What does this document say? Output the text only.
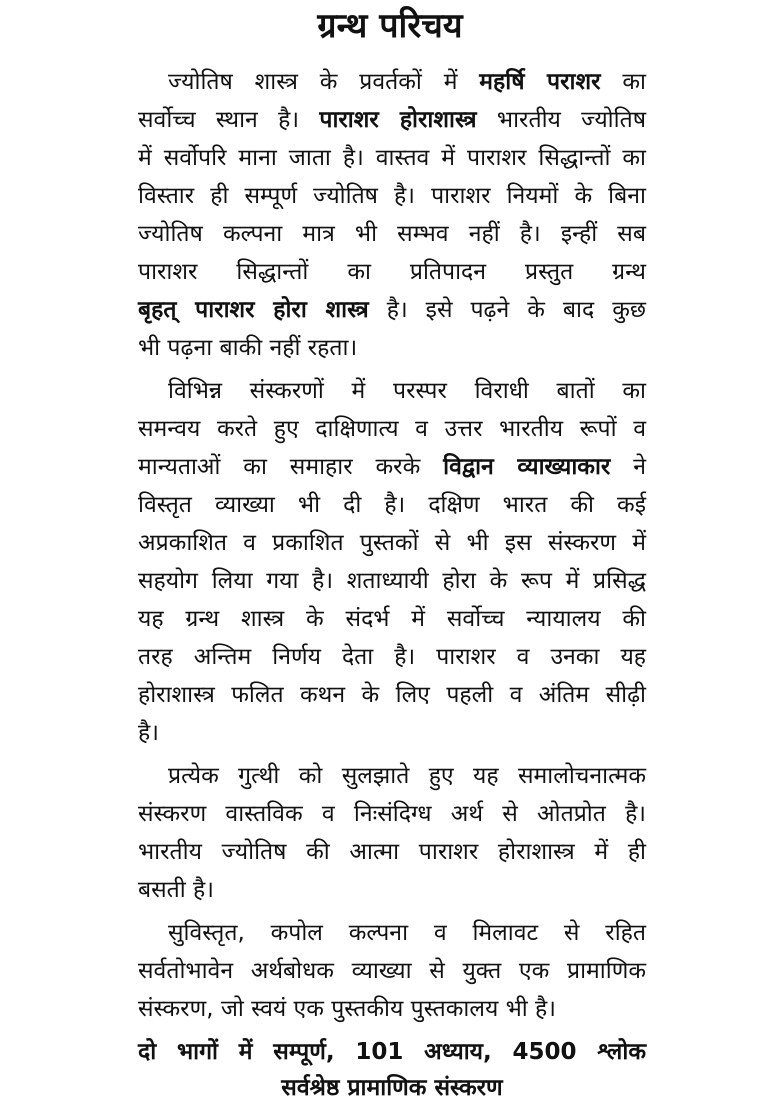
ग्रन्थ परिचय
ज्योतिष शास्त्र के प्रवर्तकों में महर्षि पराशर का
सर्वोच्च स्थान है। पाराशर होराशास्त्र भारतीय ज्योतिष
में सर्वोपरि माना जाता है। वास्तव में पाराशर सिद्धान्तों का
विस्तार ही सम्पूर्ण ज्योतिष है। पाराशर नियमों के बिना
ज्योतिष कल्पना मात्र भी सम्भव नहीं है। इन्हीं सब
पाराशर सिद्धान्तों का प्रतिपादन प्रस्तुत ग्रन्थ
बृहत् पाराशर होरा शास्त्र है। इसे पढ़ने के बाद कुछ
भी पढ़ना बाकी नहीं रहता।
विभिन्न संस्करणों में परस्पर विराधी बातों का
समन्वय करते हुए दाक्षिणात्य व उत्तर भारतीय रूपों व
मान्यताओं का समाहार करके विद्वान व्याख्याकार ने
विस्तृत व्याख्या भी दी है। दक्षिण भारत की कई
अप्रकाशित व प्रकाशित पुस्तकों से भी इस संस्करण में
सहयोग लिया गया है। शताध्यायी होरा के रूप में प्रसिद्ध
यह ग्रन्थ शास्त्र के संदर्भ में सर्वोच्च न्यायालय की
तरह अन्तिम निर्णय देता है। पाराशर व उनका यह
होराशास्त्र फलित कथन के लिए पहली व अंतिम सीढ़ी
है।
प्रत्येक गुत्थी को सुलझाते हुए यह समालोचनात्मक
संस्करण वास्तविक व निःसंदिग्ध अर्थ से ओतप्रोत है।
भारतीय ज्योतिष की आत्मा पाराशर होराशास्त्र में ही
बसती है।
सुविस्तृत, कपोल कल्पना व मिलावट से रहित
सर्वतोभावेन अर्थबोधक व्याख्या से युक्त एक प्रामाणिक
संस्करण, जो स्वयं एक पुस्तकीय पुस्तकालय भी है।
दो भागों में सम्पूर्ण, 101 अध्याय, 4500 श्लोक
सर्वश्रेष्ठ प्रामाणिक संस्करण
